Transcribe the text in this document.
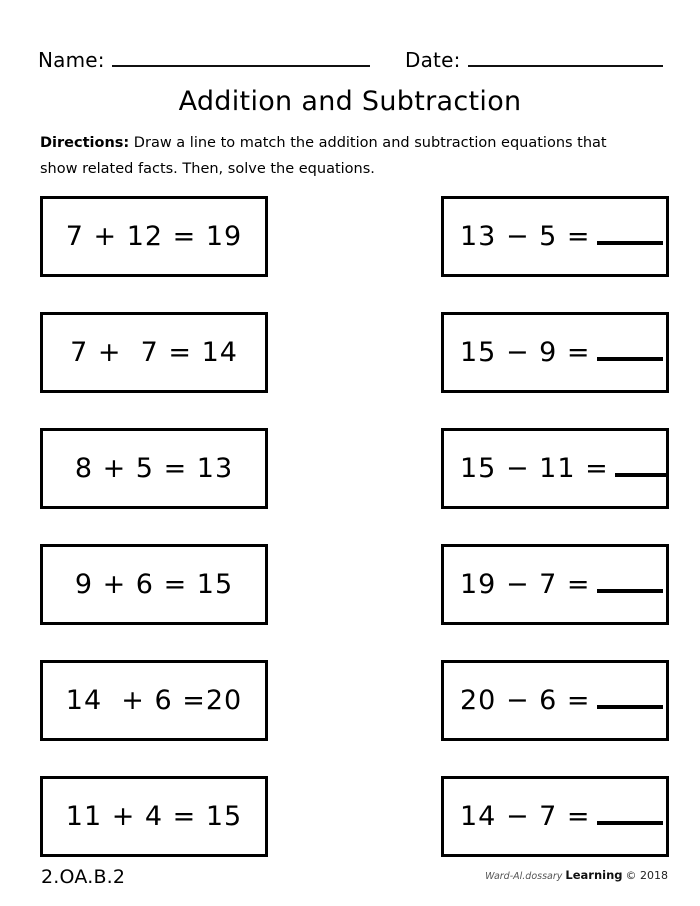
Name:	Date:
Addition and Subtraction
Directions: Draw a line to match the addition and subtraction equations that show related facts. Then, solve the equations.
7 + 12 = 19
7 +  7 = 14
8 + 5 = 13
9 + 6 = 15
14  + 6 =20
11 + 4 = 15
13 − 5 =
15 − 9 =
15 − 11 =
19 − 7 =
20 − 6 =
14 − 7 =
2.OA.B.2	Ward-Al.dossary Learning © 2018
